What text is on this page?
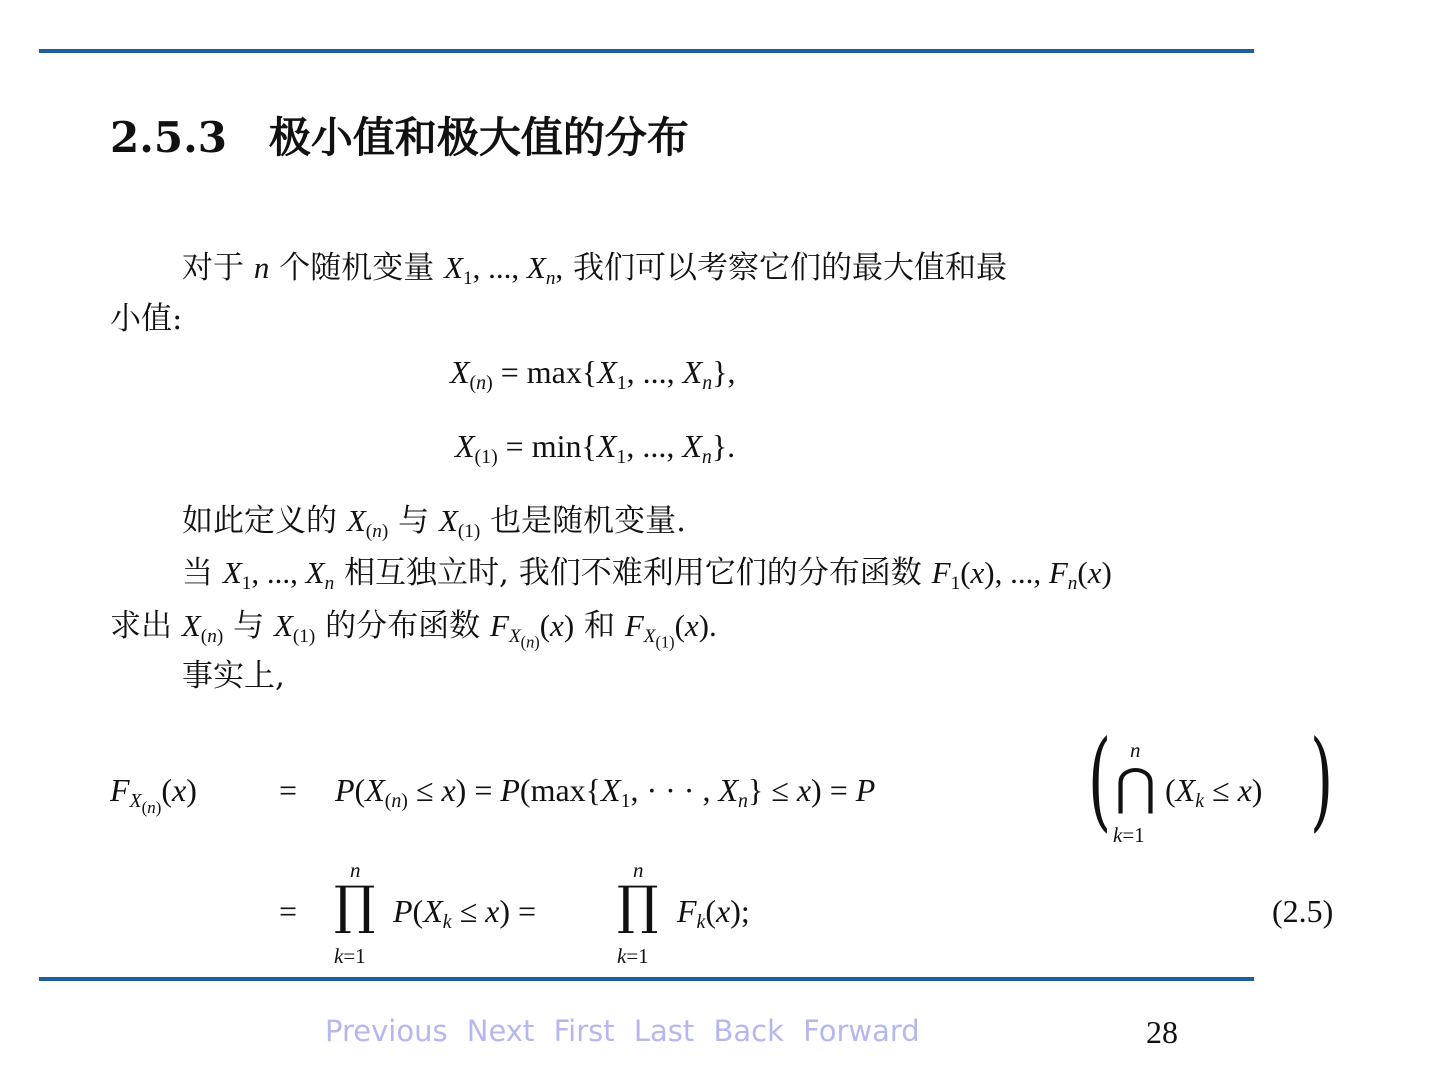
2.5.3 极小值和极大值的分布
对于 n 个随机变量 $X_1$, ..., $X_n$, 我们可以考察它们的最大值和最
小值:
$X_{(n)} = \max\{X_1$, ..., $X_n$},
$X_{(1)} = \min\{X_1$, ..., $X_n$}.
如此定义的 $X_{(n)}$ 与 $X_{(1)}$ 也是随机变量.
当 $X_1$, ..., $X_n$ 相互独立时, 我们不难利用它们的分布函数 $F_1(x)$, ..., $F_n(x)$
求出 $X_{(n)}$ 与 $X_{(1)}$ 的分布函数 $F_{X_{(n)}}(x)$ 和 $F_{X_{(1)}}(x)$.
事实上,
$F_{X_{(n)}}(x)$	= $P(X_{(n)} \le x) = P(\max\{X_1$, · · · , $X_n\} \le x) = P$ ( n
⋂
k=1
$(X_k \le x)$ )
=
n
∏
k=1
$P(X_k \le x)$ =
n
∏
k=1
$F_k(x)$;	(2.5)
Previous Next First Last Back Forward	28
